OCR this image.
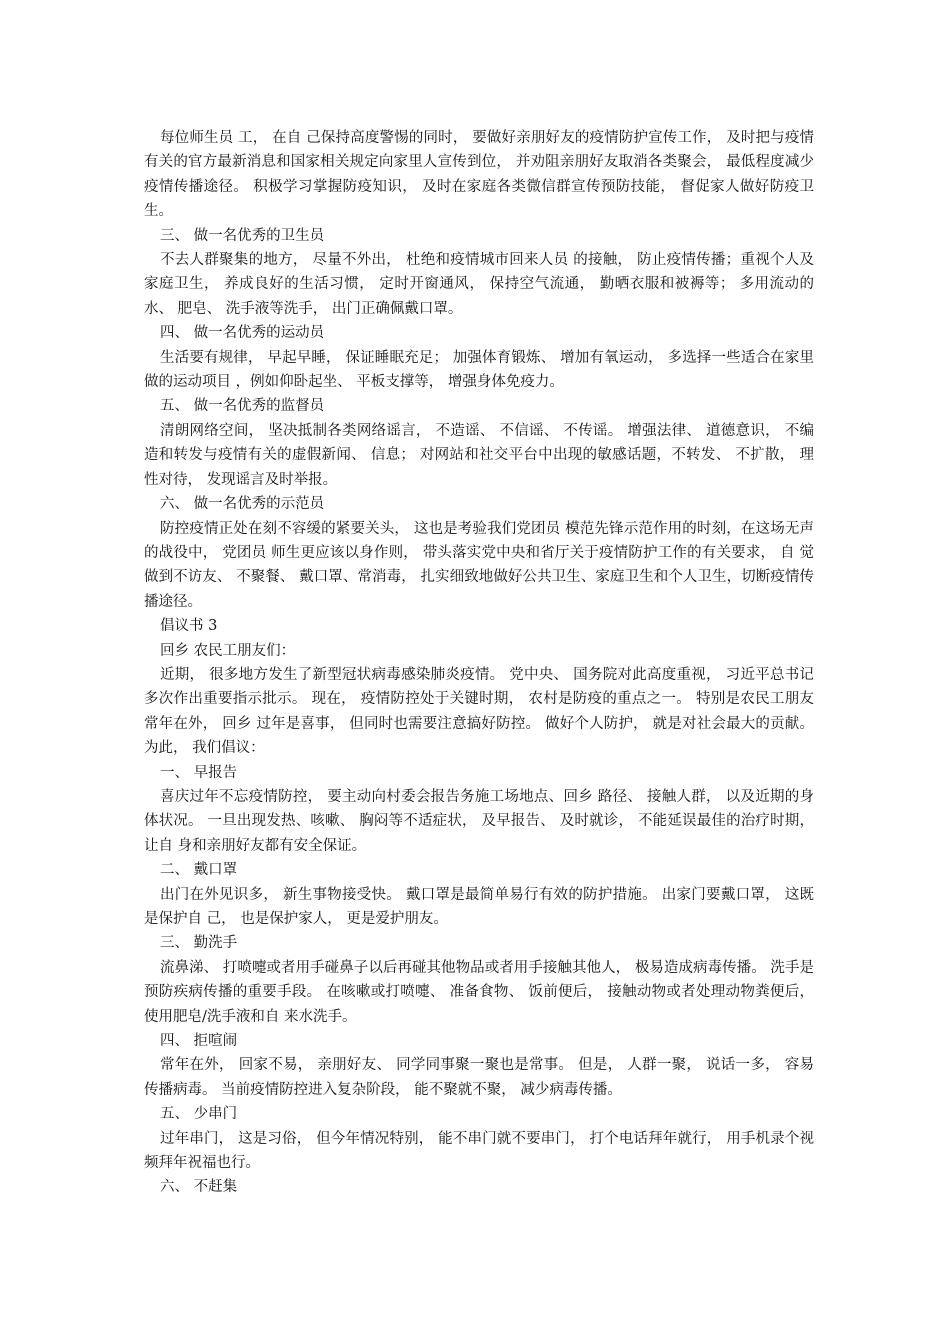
每位师生员 工， 在自 己保持高度警惕的同时， 要做好亲朋好友的疫情防护宣传工作， 及时把与疫情有关的官方最新消息和国家相关规定向家里人宣传到位， 并劝阻亲朋好友取消各类聚会， 最低程度减少疫情传播途径。 积极学习掌握防疫知识， 及时在家庭各类微信群宣传预防技能， 督促家人做好防疫卫生。

三、 做一名优秀的卫生员

不去人群聚集的地方， 尽量不外出， 杜绝和疫情城市回来人员 的接触， 防止疫情传播；重视个人及家庭卫生， 养成良好的生活习惯， 定时开窗通风， 保持空气流通， 勤晒衣服和被褥等； 多用流动的水、 肥皂、 洗手液等洗手， 出门正确佩戴口罩。

四、 做一名优秀的运动员

生活要有规律， 早起早睡， 保证睡眠充足； 加强体育锻炼、 增加有氧运动， 多选择一些适合在家里做的运动项目 ，例如仰卧起坐、 平板支撑等， 增强身体免疫力。

五、 做一名优秀的监督员

清朗网络空间， 坚决抵制各类网络谣言， 不造谣、 不信谣、 不传谣。 增强法律、 道德意识， 不编造和转发与疫情有关的虚假新闻、 信息； 对网站和社交平台中出现的敏感话题，不转发、 不扩散， 理性对待， 发现谣言及时举报。

六、 做一名优秀的示范员

防控疫情正处在刻不容缓的紧要关头， 这也是考验我们党团员 模范先锋示范作用的时刻，在这场无声的战役中， 党团员 师生更应该以身作则， 带头落实党中央和省厅关于疫情防护工作的有关要求， 自 觉做到不访友、 不聚餐、 戴口罩、常消毒， 扎实细致地做好公共卫生、家庭卫生和个人卫生，切断疫情传播途径。

倡议书 3

回乡 农民工朋友们：

近期， 很多地方发生了新型冠状病毒感染肺炎疫情。 党中央、 国务院对此高度重视， 习近平总书记多次作出重要指示批示。 现在， 疫情防控处于关键时期， 农村是防疫的重点之一。 特别是农民工朋友常年在外， 回乡 过年是喜事， 但同时也需要注意搞好防控。 做好个人防护， 就是对社会最大的贡献。 为此， 我们倡议：

一、 早报告

喜庆过年不忘疫情防控， 要主动向村委会报告务施工场地点、回乡 路径、 接触人群， 以及近期的身体状况。 一旦出现发热、咳嗽、 胸闷等不适症状， 及早报告、 及时就诊， 不能延误最佳的治疗时期， 让自 身和亲朋好友都有安全保证。

二、 戴口罩

出门在外见识多， 新生事物接受快。 戴口罩是最简单易行有效的防护措施。 出家门要戴口罩， 这既是保护自 己， 也是保护家人， 更是爱护朋友。

三、 勤洗手

流鼻涕、 打喷嚏或者用手碰鼻子以后再碰其他物品或者用手接触其他人， 极易造成病毒传播。 洗手是预防疾病传播的重要手段。 在咳嗽或打喷嚏、 准备食物、 饭前便后， 接触动物或者处理动物粪便后， 使用肥皂/洗手液和自 来水洗手。

四、 拒喧闹

常年在外， 回家不易， 亲朋好友、 同学同事聚一聚也是常事。 但是， 人群一聚， 说话一多， 容易传播病毒。 当前疫情防控进入复杂阶段， 能不聚就不聚， 减少病毒传播。

五、 少串门

过年串门， 这是习俗， 但今年情况特别， 能不串门就不要串门， 打个电话拜年就行， 用手机录个视频拜年祝福也行。

六、 不赶集
